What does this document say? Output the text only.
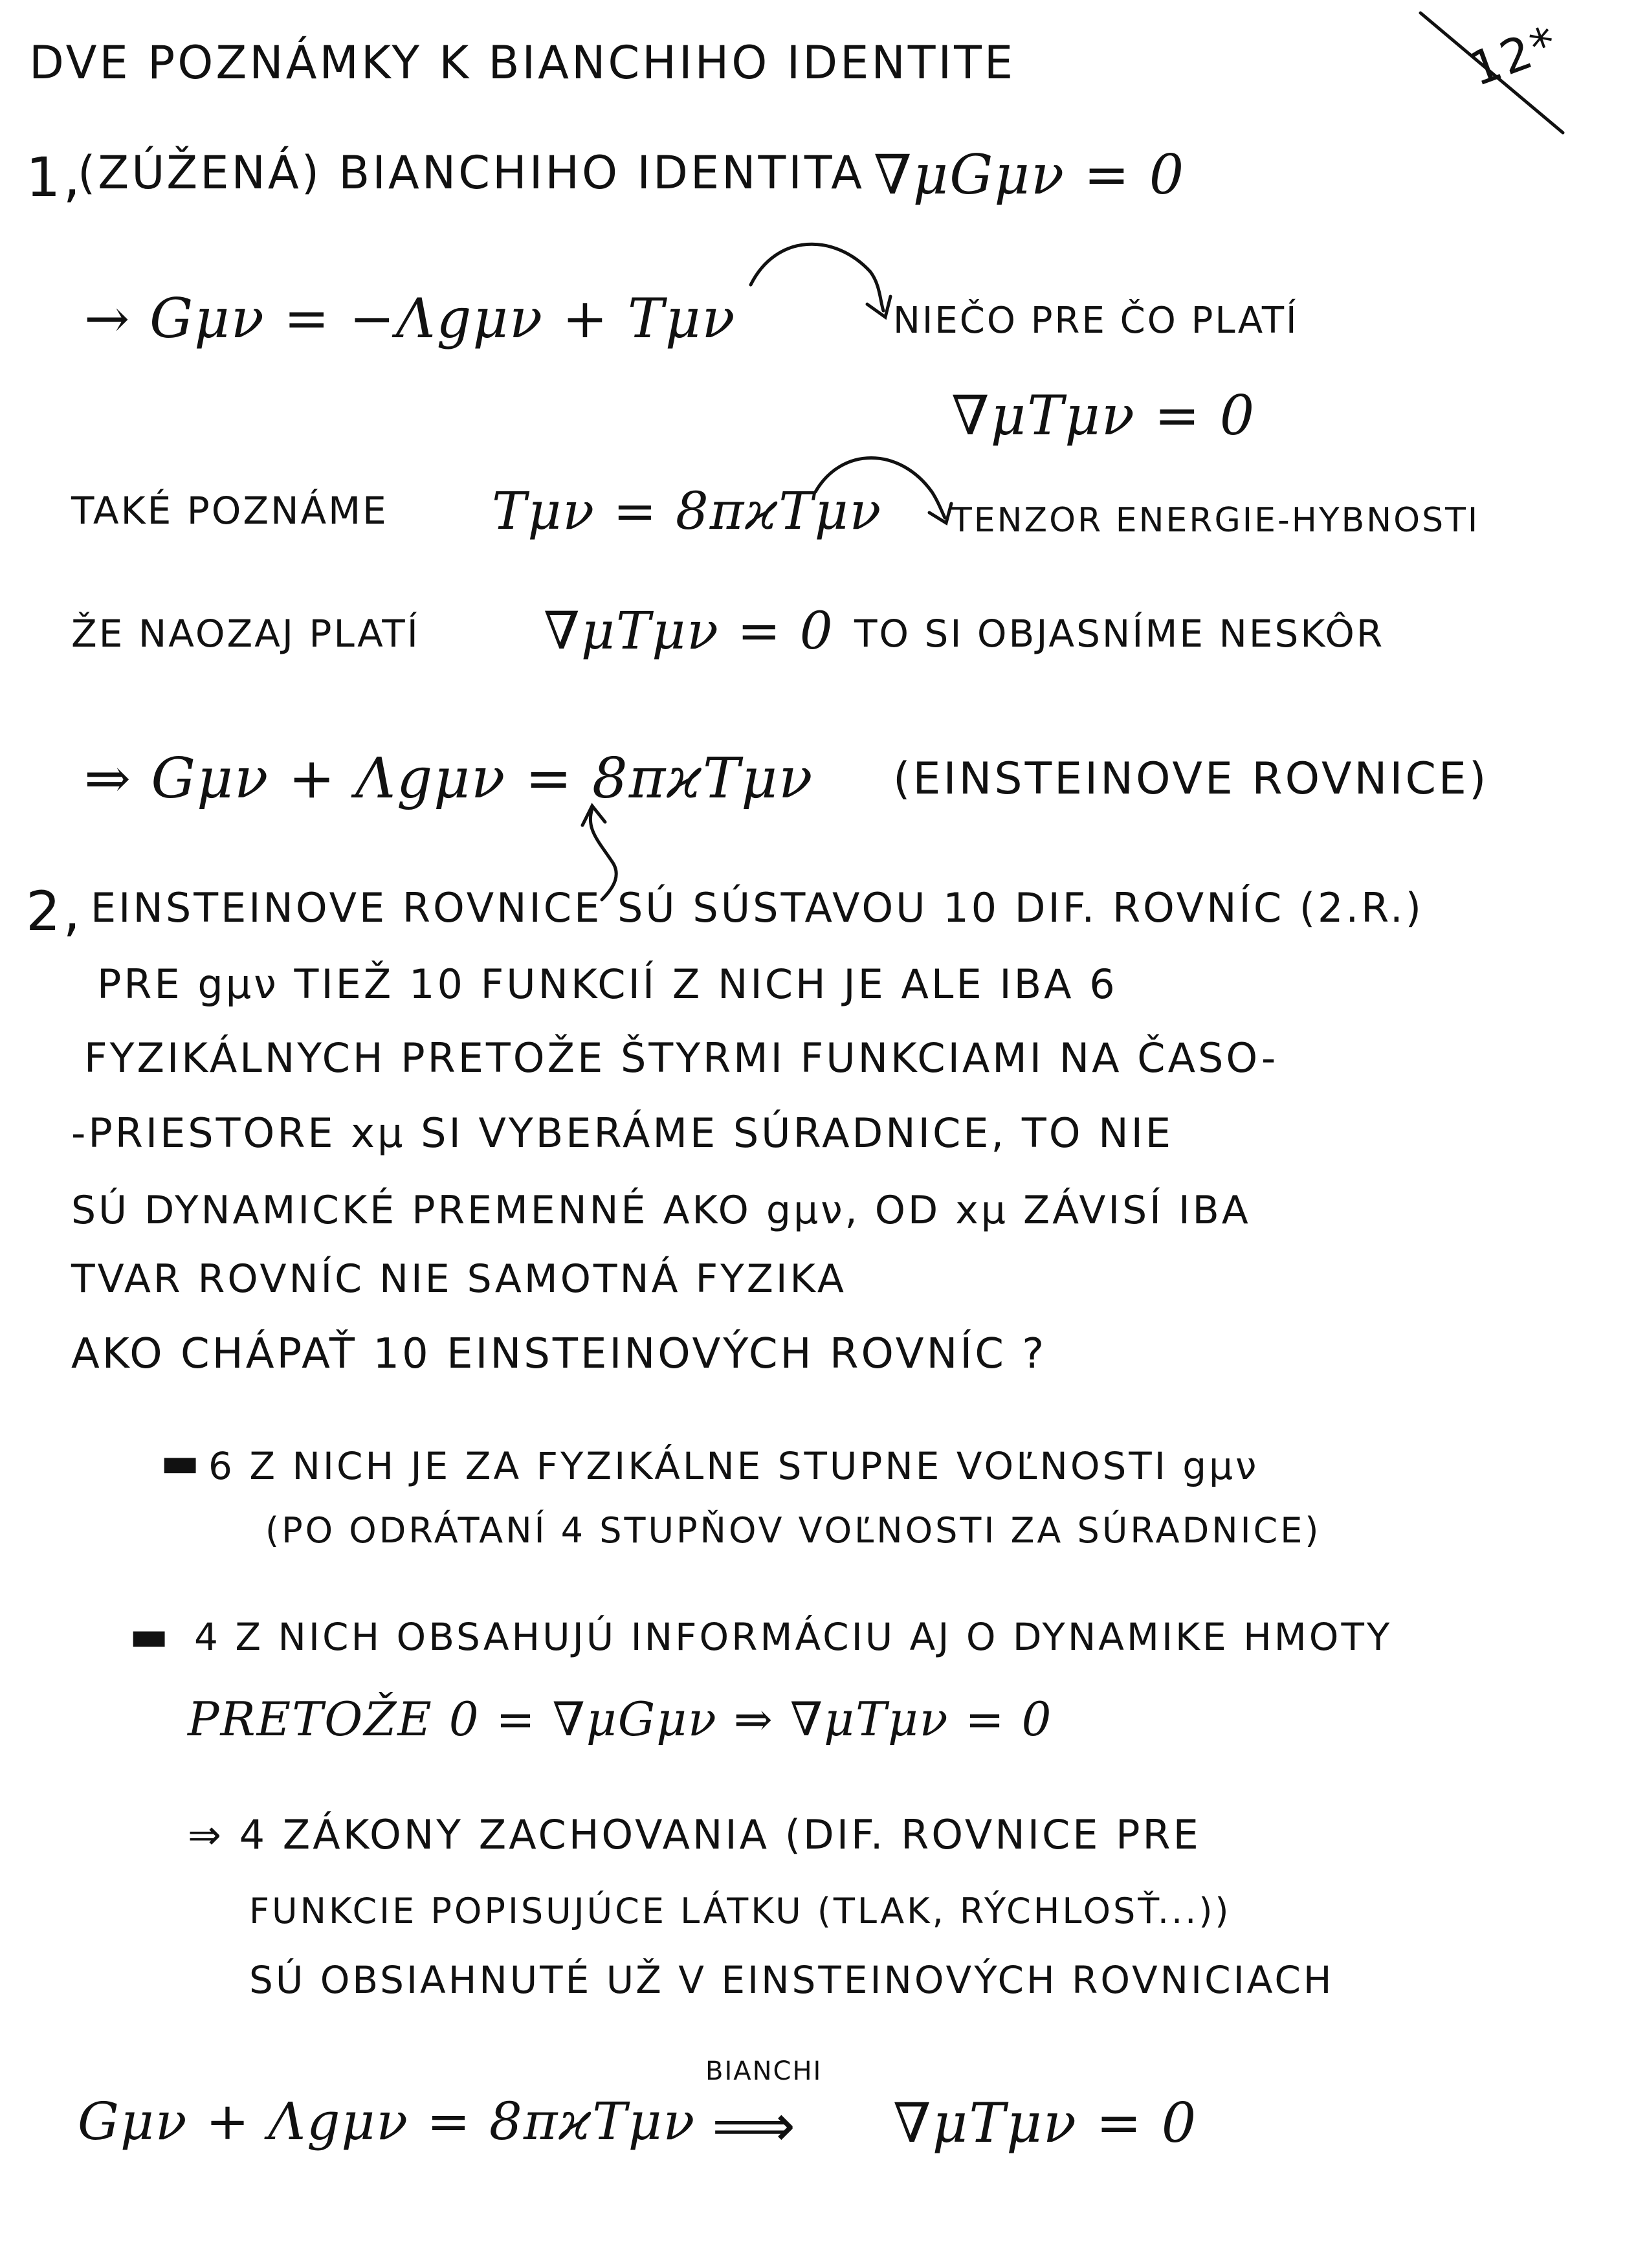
12*
DVE POZNÁMKY K BIANCHIHO IDENTITE
1,
(ZÚŽENÁ) BIANCHIHO IDENTITA ∇μGμν = 0
→ Gμν = −Λgμν + Tμν	NIEČO PRE ČO PLATÍ
∇μTμν = 0
TAKÉ POZNÁME Tμν = 8πϰTμν TENZOR ENERGIE-HYBNOSTI
ŽE NAOZAJ PLATÍ ∇μTμν = 0 TO SI OBJASNÍME NESKÔR
⇒ Gμν + Λgμν = 8πϰTμν (EINSTEINOVE ROVNICE)
2, EINSTEINOVE ROVNICE SÚ SÚSTAVOU 10 DIF. ROVNÍC (2.R.)
PRE gμν TIEŽ 10 FUNKCIÍ Z NICH JE ALE IBA 6
FYZIKÁLNYCH PRETOŽE ŠTYRMI FUNKCIAMI NA ČASO-
-PRIESTORE xμ SI VYBERÁME SÚRADNICE, TO NIE
SÚ DYNAMICKÉ PREMENNÉ AKO gμν, OD xμ ZÁVISÍ IBA
TVAR ROVNÍC NIE SAMOTNÁ FYZIKA
AKO CHÁPAŤ 10 EINSTEINOVÝCH ROVNÍC ?
▬ 6 Z NICH JE ZA FYZIKÁLNE STUPNE VOĽNOSTI gμν
(PO ODRÁTANÍ 4 STUPŇOV VOĽNOSTI ZA SÚRADNICE)
▬ 4 Z NICH OBSAHUJÚ INFORMÁCIU AJ O DYNAMIKE HMOTY
PRETOŽE 0 = ∇μGμν ⇒ ∇μTμν = 0
⇒ 4 ZÁKONY ZACHOVANIA (DIF. ROVNICE PRE
FUNKCIE POPISUJÚCE LÁTKU (TLAK, RÝCHLOSŤ...))
SÚ OBSIAHNUTÉ UŽ V EINSTEINOVÝCH ROVNICIACH
Gμν + Λgμν = 8πϰTμν
BIANCHI
⟹ ∇μTμν = 0
